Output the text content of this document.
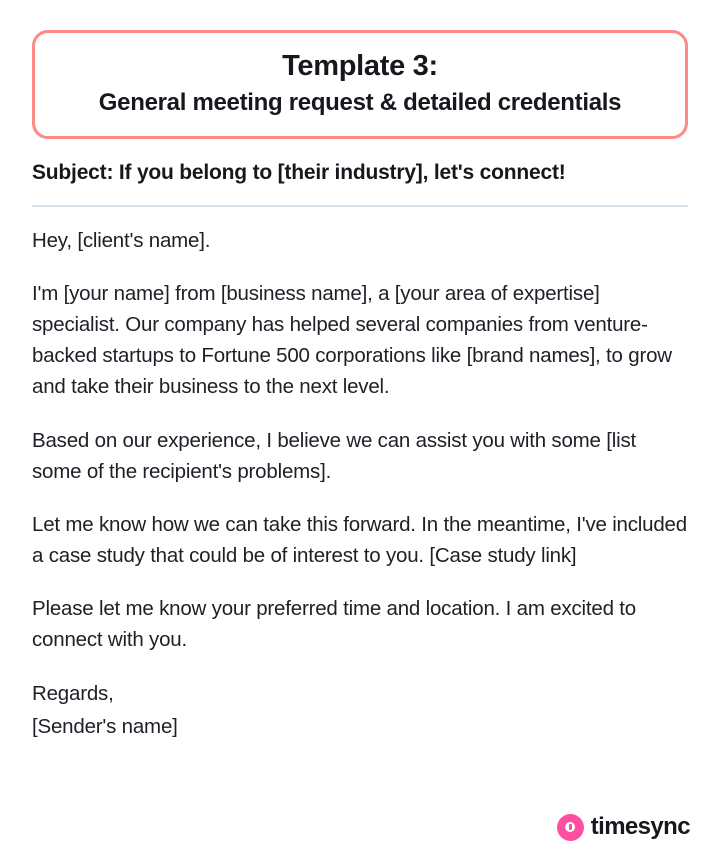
Template 3:
General meeting request & detailed credentials
Subject: If you belong to [their industry], let's connect!

Hey, [client's name].

I'm [your name] from [business name], a [your area of expertise] specialist. Our company has helped several companies from venture-backed startups to Fortune 500 corporations like [brand names], to grow and take their business to the next level.

Based on our experience, I believe we can assist you with some [list some of the recipient's problems].

Let me know how we can take this forward. In the meantime, I've included a case study that could be of interest to you. [Case study link]

Please let me know your preferred time and location. I am excited to connect with you.

Regards,
[Sender's name]
timesync
